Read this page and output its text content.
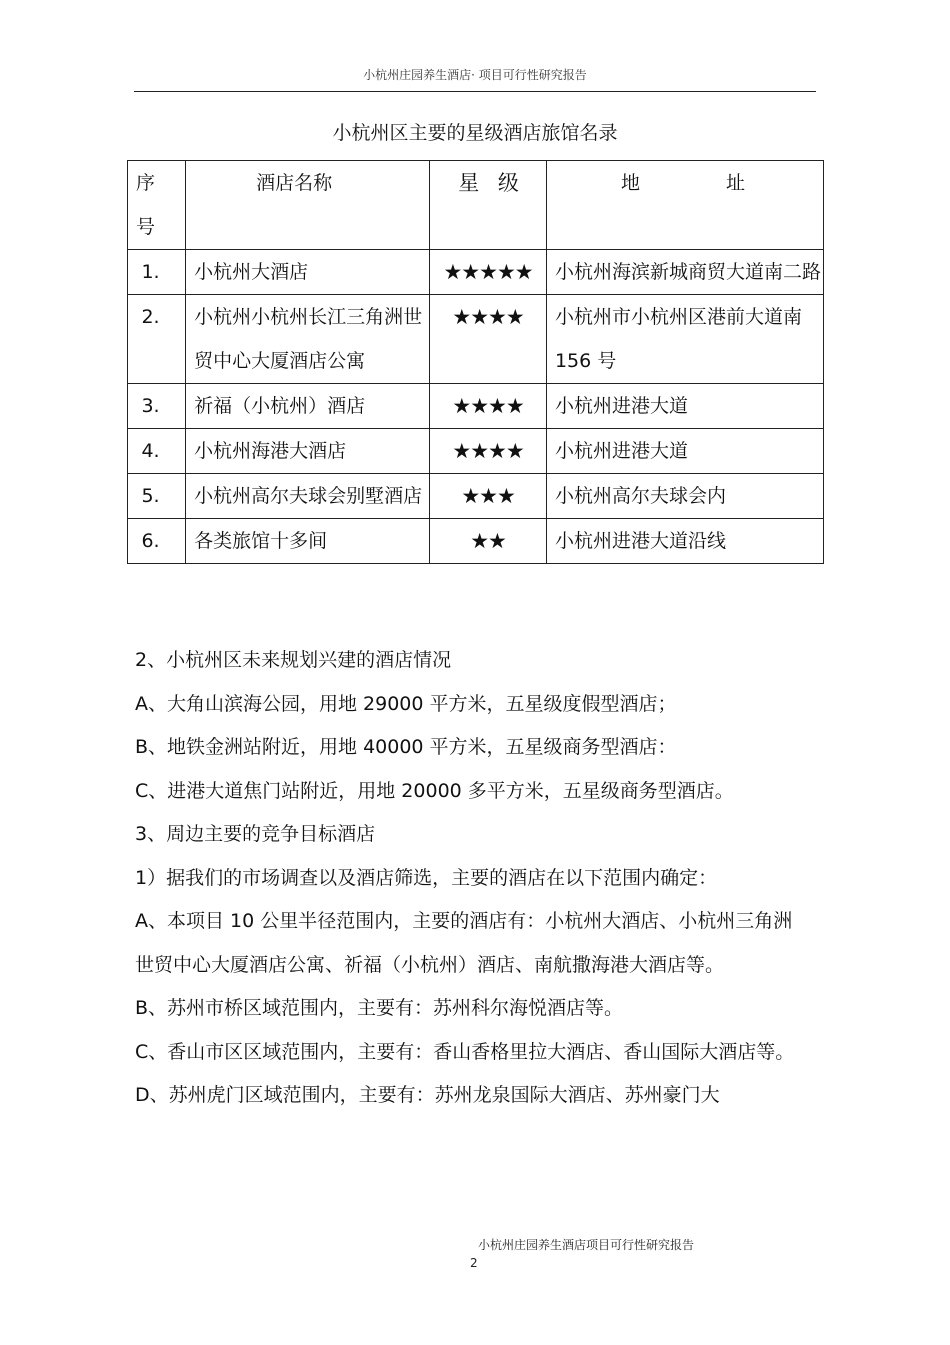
小杭州庄园养生酒店· 项目可行性研究报告
小杭州区主要的星级酒店旅馆名录
序号	酒店名称	星 级	地 址
1.	小杭州大酒店	★★★★★	小杭州海滨新城商贸大道南二路
2.	小杭州小杭州长江三角洲世贸中心大厦酒店公寓	★★★★	小杭州市小杭州区港前大道南 156 号
3.	祈福（小杭州）酒店	★★★★	小杭州进港大道
4.	小杭州海港大酒店	★★★★	小杭州进港大道
5.	小杭州高尔夫球会别墅酒店	★★★	小杭州高尔夫球会内
6.	各类旅馆十多间	★★	小杭州进港大道沿线

2、小杭州区未来规划兴建的酒店情况

A、大角山滨海公园，用地 29000 平方米，五星级度假型酒店；

B、地铁金洲站附近，用地 40000 平方米，五星级商务型酒店：

C、进港大道焦门站附近，用地 20000 多平方米，五星级商务型酒店。

3、周边主要的竞争目标酒店

1）据我们的市场调查以及酒店筛选，主要的酒店在以下范围内确定：

A、本项目 10 公里半径范围内，主要的酒店有：小杭州大酒店、小杭州三角洲世贸中心大厦酒店公寓、祈福（小杭州）酒店、南航撒海港大酒店等。

B、苏州市桥区域范围内，主要有：苏州科尔海悦酒店等。

C、香山市区区域范围内，主要有：香山香格里拉大酒店、香山国际大酒店等。

D、苏州虎门区域范围内，主要有：苏州龙泉国际大酒店、苏州豪门大

小杭州庄园养生酒店项目可行性研究报告
2
